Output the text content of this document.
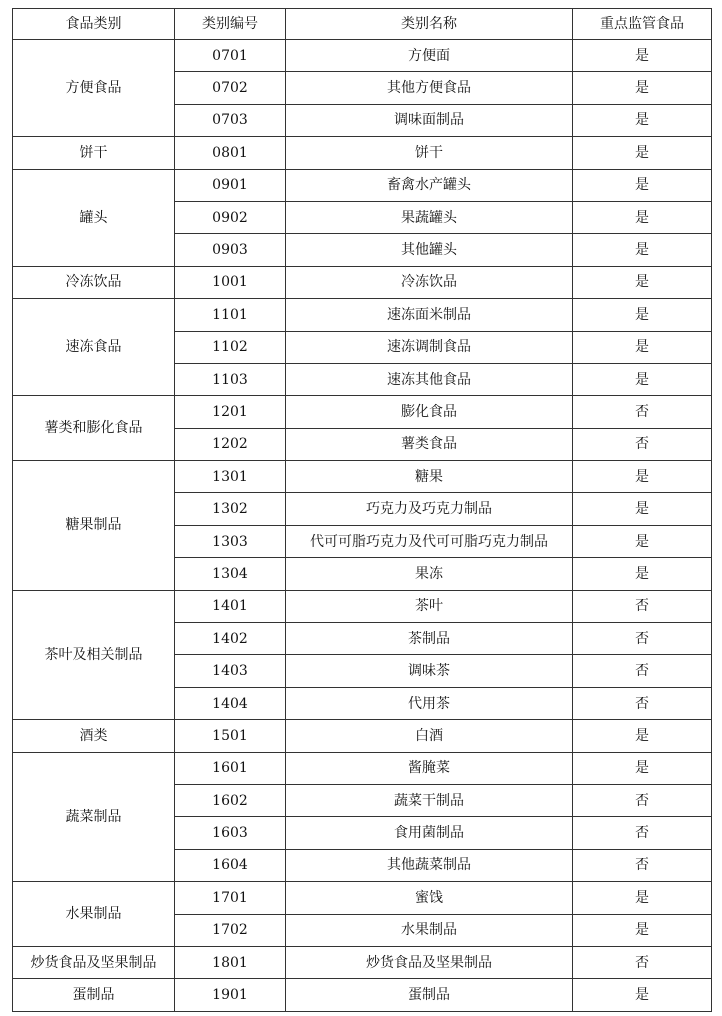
食品类别	类别编号	类别名称	重点监管食品
方便食品	0701	方便面	是
	0702	其他方便食品	是
	0703	调味面制品	是
饼干	0801	饼干	是
罐头	0901	畜禽水产罐头	是
	0902	果蔬罐头	是
	0903	其他罐头	是
冷冻饮品	1001	冷冻饮品	是
速冻食品	1101	速冻面米制品	是
	1102	速冻调制食品	是
	1103	速冻其他食品	是
薯类和膨化食品	1201	膨化食品	否
	1202	薯类食品	否
糖果制品	1301	糖果	是
	1302	巧克力及巧克力制品	是
	1303	代可可脂巧克力及代可可脂巧克力制品	是
	1304	果冻	是
茶叶及相关制品	1401	茶叶	否
	1402	茶制品	否
	1403	调味茶	否
	1404	代用茶	否
酒类	1501	白酒	是
蔬菜制品	1601	酱腌菜	是
	1602	蔬菜干制品	否
	1603	食用菌制品	否
	1604	其他蔬菜制品	否
水果制品	1701	蜜饯	是
	1702	水果制品	是
炒货食品及坚果制品	1801	炒货食品及坚果制品	否
蛋制品	1901	蛋制品	是
